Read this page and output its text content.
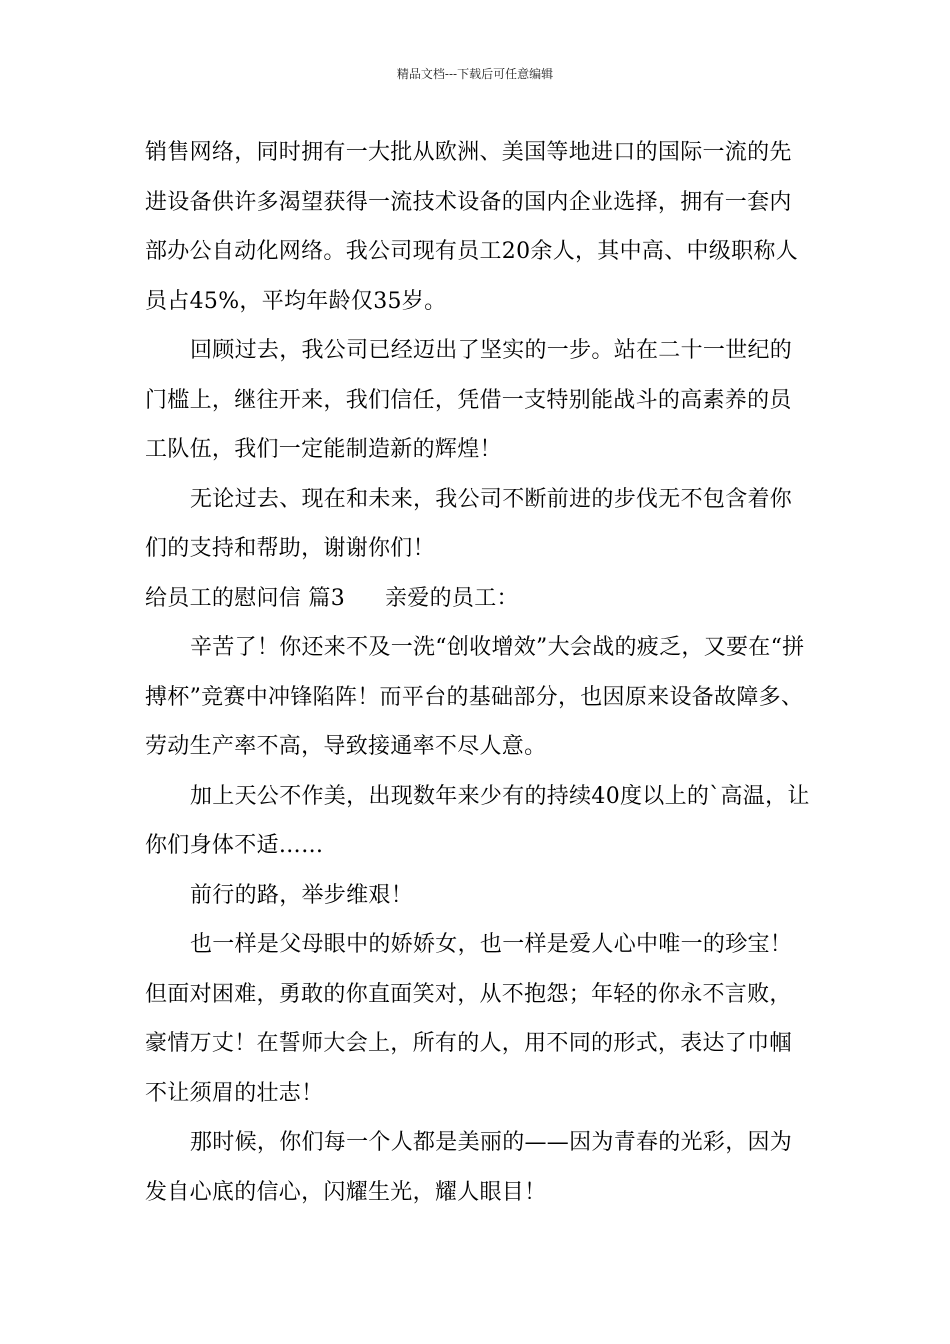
精品文档---下载后可任意编辑

销售网络，同时拥有一大批从欧洲、美国等地进口的国际一流的先进设备供许多渴望获得一流技术设备的国内企业选择，拥有一套内部办公自动化网络。我公司现有员工20余人，其中高、中级职称人员占45%，平均年龄仅35岁。

回顾过去，我公司已经迈出了坚实的一步。站在二十一世纪的门槛上，继往开来，我们信任，凭借一支特别能战斗的高素养的员工队伍，我们一定能制造新的辉煌！

无论过去、现在和未来，我公司不断前进的步伐无不包含着你们的支持和帮助，谢谢你们！

给员工的慰问信 篇3 亲爱的员工：

辛苦了！你还来不及一洗“创收增效”大会战的疲乏，又要在“拼搏杯”竞赛中冲锋陷阵！而平台的基础部分，也因原来设备故障多、劳动生产率不高，导致接通率不尽人意。

加上天公不作美，出现数年来少有的持续40度以上的`高温，让你们身体不适……

前行的路，举步维艰！

也一样是父母眼中的娇娇女，也一样是爱人心中唯一的珍宝！但面对困难，勇敢的你直面笑对，从不抱怨；年轻的你永不言败，豪情万丈！在誓师大会上，所有的人，用不同的形式，表达了巾帼不让须眉的壮志！

那时候，你们每一个人都是美丽的——因为青春的光彩，因为发自心底的信心，闪耀生光，耀人眼目！
